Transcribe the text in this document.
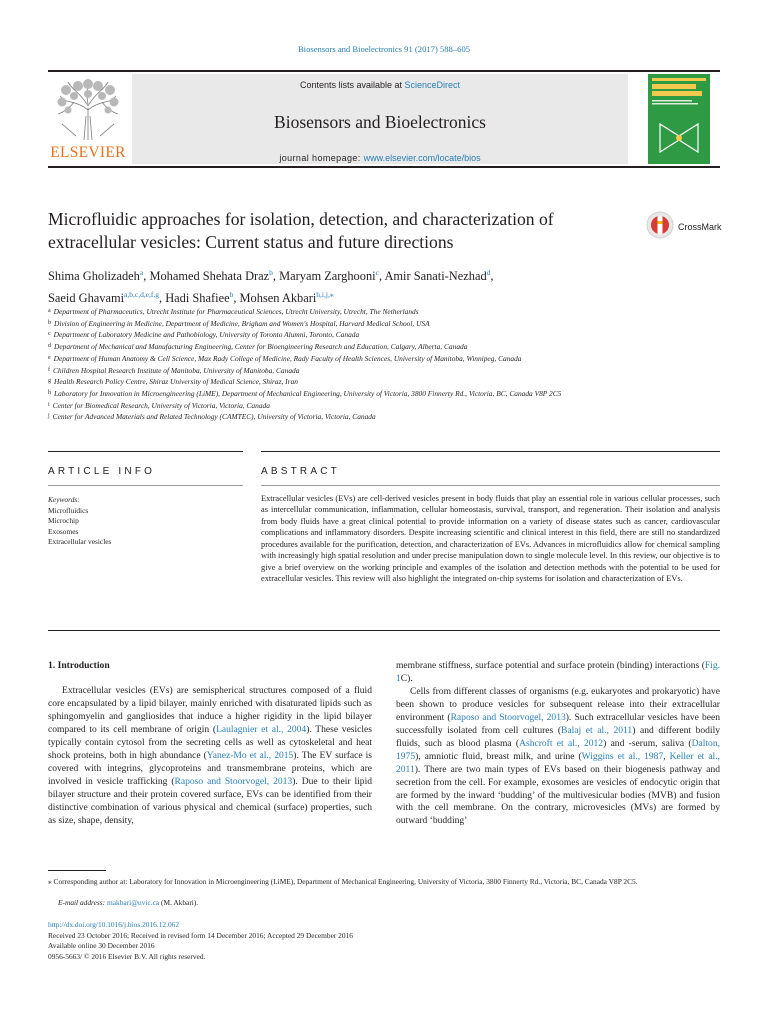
Biosensors and Bioelectronics 91 (2017) 588–605
ELSEVIER
Contents lists available at ScienceDirect
Biosensors and Bioelectronics
journal homepage: www.elsevier.com/locate/bios
Microfluidic approaches for isolation, detection, and characterization of extracellular vesicles: Current status and future directions
CrossMark
Shima Gholizadeh$^a$, Mohamed Shehata Draz$^b$, Maryam Zarghooni$^c$, Amir Sanati-Nezhad$^d$,
Saeid Ghavami$^{a,b,c,d,e,f,g}$, Hadi Shafiee$^b$, Mohsen Akbari$^{h,i,j,⁎}$
$^a$ Department of Pharmaceutics, Utrecht Institute for Pharmaceutical Sciences, Utrecht University, Utrecht, The Netherlands
$^b$ Division of Engineering in Medicine, Department of Medicine, Brigham and Women's Hospital, Harvard Medical School, USA
$^c$ Department of Laboratory Medicine and Pathobiology, University of Toronto Alumni, Toronto, Canada
$^d$ Department of Mechanical and Manufacturing Engineering, Center for Bioengineering Research and Education, Calgary, Alberta, Canada
$^e$ Department of Human Anatomy & Cell Science, Max Rady College of Medicine, Rady Faculty of Health Sciences, University of Manitoba, Winnipeg, Canada
$^f$ Children Hospital Research Institute of Manitoba, University of Manitoba, Canada
$^g$ Health Research Policy Centre, Shiraz University of Medical Science, Shiraz, Iran
$^h$ Laboratory for Innovation in Microengineering (LiME), Department of Mechanical Engineering, University of Victoria, 3800 Finnerty Rd., Victoria, BC, Canada V8P 2C5
$^i$ Center for Biomedical Research, University of Victoria, Victoria, Canada
$^j$ Center for Advanced Materials and Related Technology (CAMTEC), University of Victoria, Victoria, Canada
ARTICLE INFO	ABSTRACT
Keywords:
Microfluidics
Microchip
Exosomes
Extracellular vesicles
Extracellular vesicles (EVs) are cell-derived vesicles present in body fluids that play an essential role in various cellular processes, such as intercellular communication, inflammation, cellular homeostasis, survival, transport, and regeneration. Their isolation and analysis from body fluids have a great clinical potential to provide information on a variety of disease states such as cancer, cardiovascular complications and inflammatory disorders. Despite increasing scientific and clinical interest in this field, there are still no standardized procedures available for the purification, detection, and characterization of EVs. Advances in microfluidics allow for chemical sampling with increasingly high spatial resolution and under precise manipulation down to single molecule level. In this review, our objective is to give a brief overview on the working principle and examples of the isolation and detection methods with the potential to be used for extracellular vesicles. This review will also highlight the integrated on-chip systems for isolation and characterization of EVs.
1. Introduction
Extracellular vesicles (EVs) are semispherical structures composed of a fluid core encapsulated by a lipid bilayer, mainly enriched with disaturated lipids such as sphingomyelin and gangliosides that induce a higher rigidity in the lipid bilayer compared to its cell membrane of origin (Laulagnier et al., 2004). These vesicles typically contain cytosol from the secreting cells as well as cytoskeletal and heat shock proteins, both in high abundance (Yanez-Mo et al., 2015). The EV surface is covered with integrins, glycoproteins and transmembrane proteins, which are involved in vesicle trafficking (Raposo and Stoorvogel, 2013). Due to their lipid bilayer structure and their protein covered surface, EVs can be identified from their distinctive combination of various physical and chemical (surface) properties, such as size, shape, density,

membrane stiffness, surface potential and surface protein (binding) interactions (Fig. 1C).

Cells from different classes of organisms (e.g. eukaryotes and prokaryotic) have been shown to produce vesicles for subsequent release into their extracellular environment (Raposo and Stoorvogel, 2013). Such extracellular vesicles have been successfully isolated from cell cultures (Balaj et al., 2011) and different bodily fluids, such as blood plasma (Ashcroft et al., 2012) and -serum, saliva (Dalton, 1975), amniotic fluid, breast milk, and urine (Wiggins et al., 1987, Keller et al., 2011). There are two main types of EVs based on their biogenesis pathway and secretion from the cell. For example, exosomes are vesicles of endocytic origin that are formed by the inward ‘budding’ of the multivesicular bodies (MVB) and fusion with the cell membrane. On the contrary, microvesicles (MVs) are formed by outward ‘budding’

⁎ Corresponding author at: Laboratory for Innovation in Microengineering (LiME), Department of Mechanical Engineering, University of Victoria, 3800 Finnerty Rd., Victoria, BC, Canada V8P 2C5.
E-mail address: makbari@uvic.ca (M. Akbari).
http://dx.doi.org/10.1016/j.bios.2016.12.062
Received 23 October 2016; Received in revised form 14 December 2016; Accepted 29 December 2016
Available online 30 December 2016
0956-5663/ © 2016 Elsevier B.V. All rights reserved.
